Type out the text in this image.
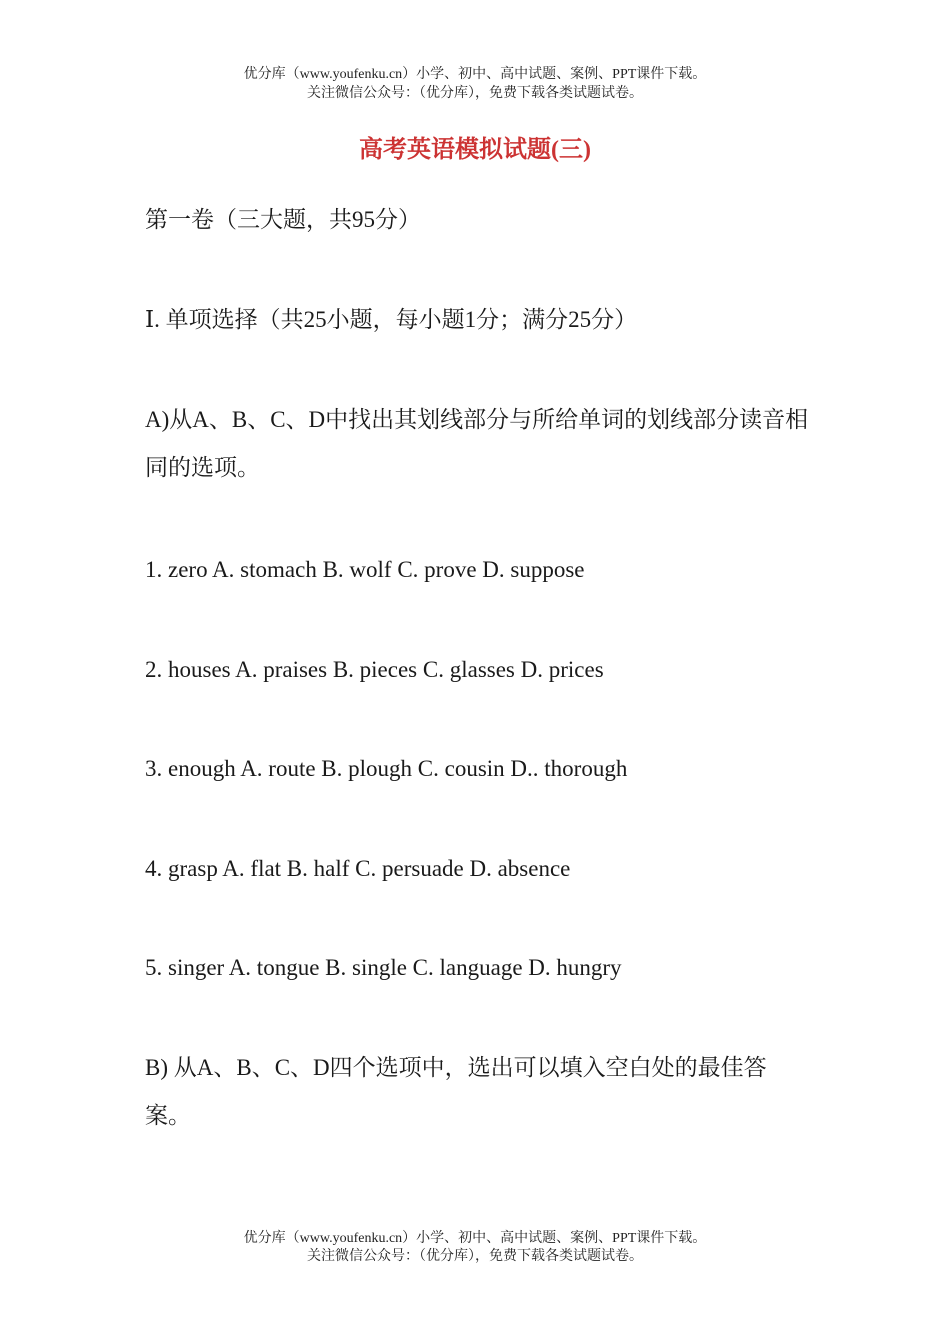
优分库（www.youfenku.cn）小学、初中、高中试题、案例、PPT课件下载。
关注微信公众号：（优分库），免费下载各类试题试卷。
高考英语模拟试题(三)
第一卷（三大题，共95分）
Ⅰ. 单项选择（共25小题，每小题1分；满分25分）
A)从A、B、C、D中找出其划线部分与所给单词的划线部分读音相同的选项。
1. zero A. stomach B. wolf C. prove D. suppose
2. houses A. praises B. pieces C. glasses D. prices
3. enough A. route B. plough C. cousin D.. thorough
4. grasp A. flat B. half C. persuade D. absence
5. singer A. tongue B. single C. language D. hungry
B) 从A、B、C、D四个选项中，选出可以填入空白处的最佳答案。
优分库（www.youfenku.cn）小学、初中、高中试题、案例、PPT课件下载。
关注微信公众号：（优分库），免费下载各类试题试卷。
